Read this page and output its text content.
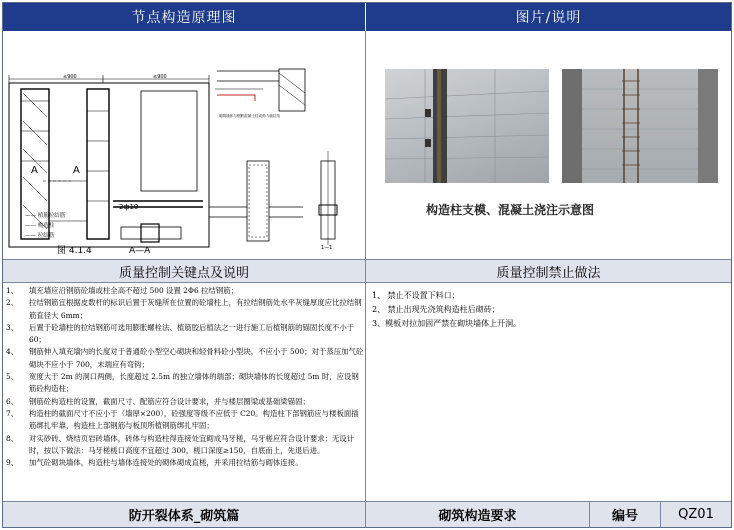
节点构造原理图	图片/说明
≤900	≤900
A	A
2ф10
—— 植筋拉结筋
—— 构造柱
—— 拉结筋
A—A
图 4.1.4
砌筑墙体与钢筋混凝土柱或剪力墙拉结
1—1
构造柱支模、混凝土浇注示意图
质量控制关键点及说明	质量控制禁止做法
1、	填充墙应沿钢筋砼墙或柱全高不超过 500 设置 2Φ6 拉结钢筋；
2、	拉结钢筋宜根据皮数杆的标识后置于灰缝所在位置的砼墙柱上，有拉结钢筋处水平灰缝厚度应比拉结钢筋直径大 6mm；
3、	后置于砼墙柱的拉结钢筋可选用膨胀螺栓法、植筋胶后植法之一进行施工后植钢筋的锚固长度不小于 60；
4、	钢筋伸入填充墙内的长度对于普通砼小型空心砌块和轻骨料砼小型块，不应小于 500；对于蒸压加气砼砌块不应小于 700，末端应有弯钩；
5、	宽度大于 2m 的洞口两侧，长度超过 2.5m 的独立墙体的端部；砌块墙体的长度超过 5m 时，应设钢筋砼构造柱；
6、	钢筋砼构造柱的设置，截面尺寸、配筋应符合设计要求，并与楼层圈梁或基础梁锚固；
7、	构造柱的截面尺寸不应小于（墙厚×200），砼强度等级不应低于 C20。构造柱下部钢筋应与楼板面插筋绑扎牢靠，构造柱上部钢筋与板顶所植钢筋绑扎牢固；
8、	对实砂砖、烧结页岩砖墙体，砖体与构造柱得连接处宜砌成马牙槎，马牙槎应符合设计要求；无设计时，按以下做法：马牙槎槎口高度不宜超过 300，槎口深度≥150，自底而上，先退后进。
9、	加气砼砌块墙体，构造柱与墙体连接处的砌体砌成直槎，并采用拉结筋与砌体连接。
1、 禁止不设置下料口；
2、 禁止出现先浇筑构造柱后砌砖；
3、模板对拉加固严禁在砌块墙体上开洞。
防开裂体系_砌筑篇	砌筑构造要求	编号	QZ01
